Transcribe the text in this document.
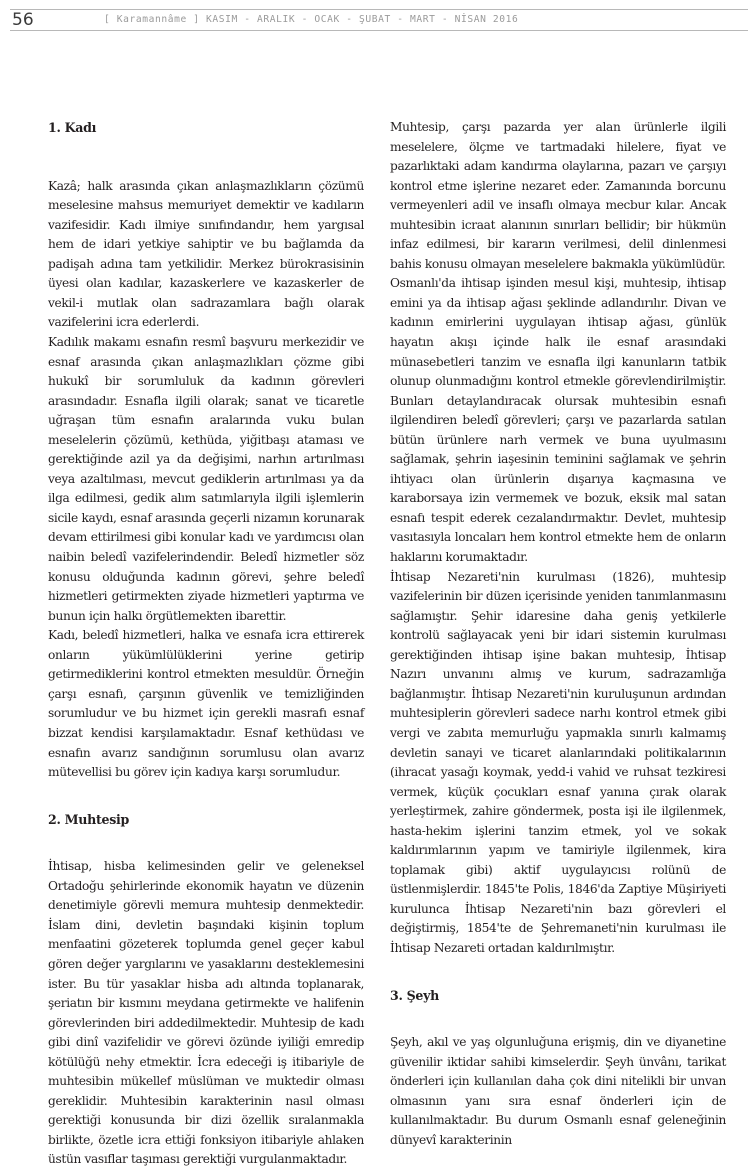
56	[ Karamannâme ] KASIM - ARALIK - OCAK - ŞUBAT - MART - NİSAN 2016
1. Kadı

Kazâ; halk arasında çıkan anlaşmazlıkların çözümü meselesine mahsus memuriyet demektir ve kadıların vazifesidir. Kadı ilmiye sınıfındandır, hem yargısal hem de idari yetkiye sahiptir ve bu bağlamda da padişah adına tam yetkilidir. Merkez bürokrasisinin üyesi olan kadılar, kazaskerlere ve kazaskerler de vekil-i mutlak olan sadrazamlara bağlı olarak vazifelerini icra ederlerdi.

Kadılık makamı esnafın resmî başvuru merkezidir ve esnaf arasında çıkan anlaşmazlıkları çözme gibi hukukî bir sorumluluk da kadının görevleri arasındadır. Esnafla ilgili olarak; sanat ve ticaretle uğraşan tüm esnafın aralarında vuku bulan meselelerin çözümü, kethüda, yiğitbaşı ataması ve gerektiğinde azil ya da değişimi, narhın artırılması veya azaltılması, mevcut gediklerin artırılması ya da ilga edilmesi, gedik alım satımlarıyla ilgili işlemlerin sicile kaydı, esnaf arasında geçerli nizamın korunarak devam ettirilmesi gibi konular kadı ve yardımcısı olan naibin beledî vazifelerindendir. Beledî hizmetler söz konusu olduğunda kadının görevi, şehre beledî hizmetleri getirmekten ziyade hizmetleri yaptırma ve bunun için halkı örgütlemekten ibarettir.

Kadı, beledî hizmetleri, halka ve esnafa icra ettirerek onların yükümlülüklerini yerine getirip getirmediklerini kontrol etmekten mesuldür. Örneğin çarşı esnafı, çarşının güvenlik ve temizliğinden sorumludur ve bu hizmet için gerekli masrafı esnaf bizzat kendisi karşılamaktadır. Esnaf kethüdası ve esnafın avarız sandığının sorumlusu olan avarız mütevellisi bu görev için kadıya karşı sorumludur.

2. Muhtesip

İhtisap, hisba kelimesinden gelir ve geleneksel Ortadoğu şehirlerinde ekonomik hayatın ve düzenin denetimiyle görevli memura muhtesip denmektedir. İslam dini, devletin başındaki kişinin toplum menfaatini gözeterek toplumda genel geçer kabul gören değer yargılarını ve yasaklarını desteklemesini ister. Bu tür yasaklar hisba adı altında toplanarak, şeriatın bir kısmını meydana getirmekte ve halifenin görevlerinden biri addedilmektedir. Muhtesip de kadı gibi dinî vazifelidir ve görevi özünde iyiliği emredip kötülüğü nehy etmektir. İcra edeceği iş itibariyle de muhtesibin mükellef müslüman ve muktedir olması gereklidir. Muhtesibin karakterinin nasıl olması gerektiği konusunda bir dizi özellik sıralanmakla birlikte, özetle icra ettiği fonksiyon itibariyle ahlaken üstün vasıflar taşıması gerektiği vurgulanmaktadır.

Muhtesip, çarşı pazarda yer alan ürünlerle ilgili meselelere, ölçme ve tartmadaki hilelere, fiyat ve pazarlıktaki adam kandırma olaylarına, pazarı ve çarşıyı kontrol etme işlerine nezaret eder. Zamanında borcunu vermeyenleri adil ve insaflı olmaya mecbur kılar. Ancak muhtesibin icraat alanının sınırları bellidir; bir hükmün infaz edilmesi, bir kararın verilmesi, delil dinlenmesi bahis konusu olmayan meselelere bakmakla yükümlüdür.

Osmanlı'da ihtisap işinden mesul kişi, muhtesip, ihtisap emini ya da ihtisap ağası şeklinde adlandırılır. Divan ve kadının emirlerini uygulayan ihtisap ağası, günlük hayatın akışı içinde halk ile esnaf arasındaki münasebetleri tanzim ve esnafla ilgi kanunların tatbik olunup olunmadığını kontrol etmekle görevlendirilmiştir. Bunları detaylandıracak olursak muhtesibin esnafı ilgilendiren beledî görevleri; çarşı ve pazarlarda satılan bütün ürünlere narh vermek ve buna uyulmasını sağlamak, şehrin iaşesinin teminini sağlamak ve şehrin ihtiyacı olan ürünlerin dışarıya kaçmasına ve karaborsaya izin vermemek ve bozuk, eksik mal satan esnafı tespit ederek cezalandırmaktır. Devlet, muhtesip vasıtasıyla loncaları hem kontrol etmekte hem de onların haklarını korumaktadır.

İhtisap Nezareti'nin kurulması (1826), muhtesip vazifelerinin bir düzen içerisinde yeniden tanımlanmasını sağlamıştır. Şehir idaresine daha geniş yetkilerle kontrolü sağlayacak yeni bir idari sistemin kurulması gerektiğinden ihtisap işine bakan muhtesip, İhtisap Nazırı unvanını almış ve kurum, sadrazamlığa bağlanmıştır. İhtisap Nezareti'nin kuruluşunun ardından muhtesiplerin görevleri sadece narhı kontrol etmek gibi vergi ve zabıta memurluğu yapmakla sınırlı kalmamış devletin sanayi ve ticaret alanlarındaki politikalarının (ihracat yasağı koymak, yedd-i vahid ve ruhsat tezkiresi vermek, küçük çocukları esnaf yanına çırak olarak yerleştirmek, zahire göndermek, posta işi ile ilgilenmek, hasta-hekim işlerini tanzim etmek, yol ve sokak kaldırımlarının yapım ve tamiriyle ilgilenmek, kira toplamak gibi) aktif uygulayıcısı rolünü de üstlenmişlerdir. 1845'te Polis, 1846'da Zaptiye Müşiriyeti kurulunca İhtisap Nezareti'nin bazı görevleri el değiştirmiş, 1854'te de Şehremaneti'nin kurulması ile İhtisap Nezareti ortadan kaldırılmıştır.

3. Şeyh

Şeyh, akıl ve yaş olgunluğuna erişmiş, din ve diyanetine güvenilir iktidar sahibi kimselerdir. Şeyh ünvânı, tarikat önderleri için kullanılan daha çok dini nitelikli bir unvan olmasının yanı sıra esnaf önderleri için de kullanılmaktadır. Bu durum Osmanlı esnaf geleneğinin dünyevî karakterinin
